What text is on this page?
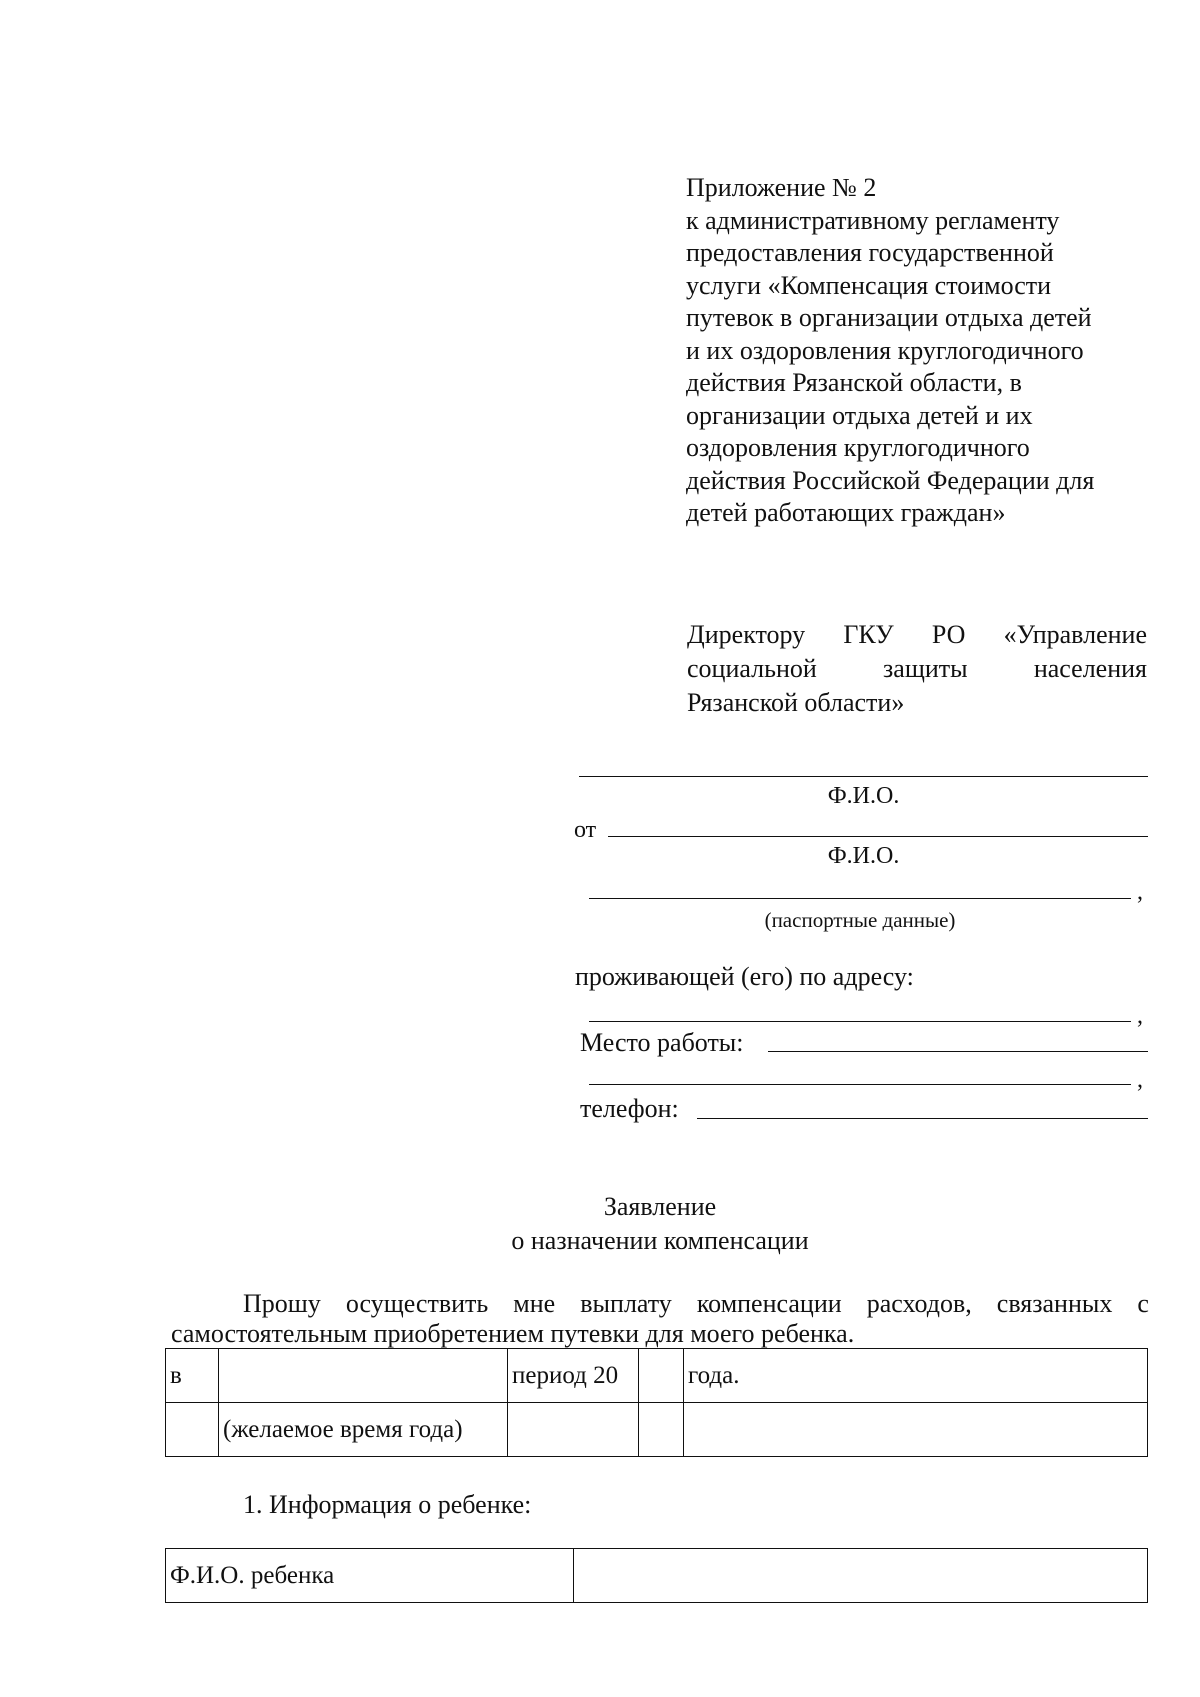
Приложение № 2
к административному регламенту
предоставления государственной
услуги «Компенсация стоимости
путевок в организации отдыха детей
и их оздоровления круглогодичного
действия Рязанской области, в
организации отдыха детей и их
оздоровления круглогодичного
действия Российской Федерации для
детей работающих граждан»
Директору ГКУ РО «Управление
социальной	защиты	населения
Рязанской области»
Ф.И.О.
от
Ф.И.О.
,
(паспортные данные)
проживающей (его) по адресу:
,
Место работы:
,
телефон:
Заявление
о назначении компенсации
Прошу осуществить мне выплату компенсации расходов, связанных с
самостоятельным приобретением путевки для моего ребенка.
в		период 20		года.
	(желаемое время года)			
1. Информация о ребенке:
Ф.И.О. ребенка	
